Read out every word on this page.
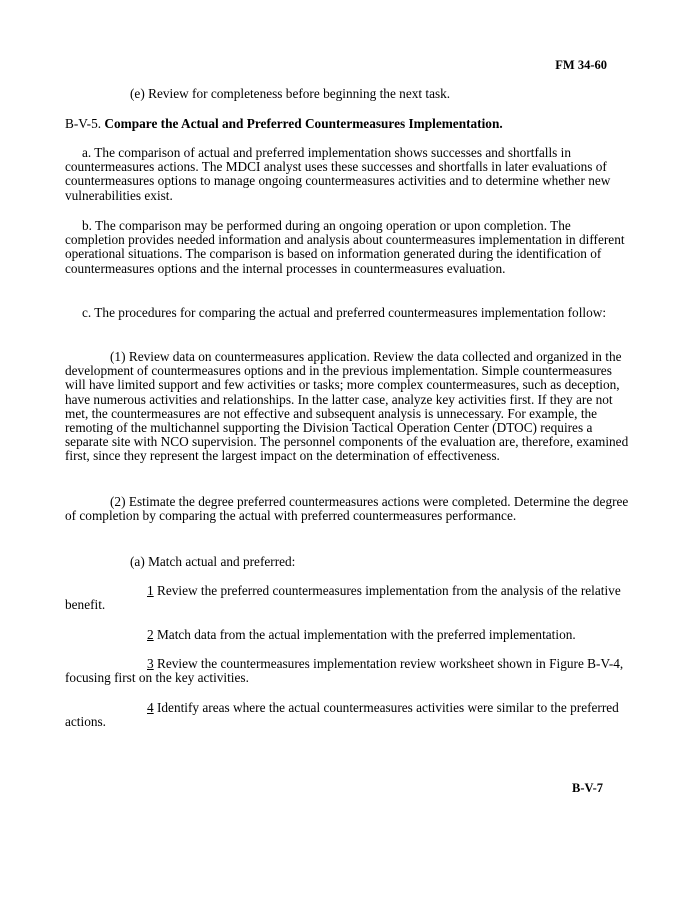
FM 34-60

(e) Review for completeness before beginning the next task.

B-V-5. Compare the Actual and Preferred Countermeasures Implementation.

a. The comparison of actual and preferred implementation shows successes and shortfalls in countermeasures actions. The MDCI analyst uses these successes and shortfalls in later evaluations of countermeasures options to manage ongoing countermeasures activities and to determine whether new vulnerabilities exist.

b. The comparison may be performed during an ongoing operation or upon completion. The completion provides needed information and analysis about countermeasures implementation in different operational situations. The comparison is based on information generated during the identification of countermeasures options and the internal processes in countermeasures evaluation.

c. The procedures for comparing the actual and preferred countermeasures implementation follow:

(1) Review data on countermeasures application. Review the data collected and organized in the development of countermeasures options and in the previous implementation. Simple countermeasures will have limited support and few activities or tasks; more complex countermeasures, such as deception, have numerous activities and relationships. In the latter case, analyze key activities first. If they are not met, the countermeasures are not effective and subsequent analysis is unnecessary. For example, the remoting of the multichannel supporting the Division Tactical Operation Center (DTOC) requires a separate site with NCO supervision. The personnel components of the evaluation are, therefore, examined first, since they represent the largest impact on the determination of effectiveness.

(2) Estimate the degree preferred countermeasures actions were completed. Determine the degree of completion by comparing the actual with preferred countermeasures performance.

(a) Match actual and preferred:

1 Review the preferred countermeasures implementation from the analysis of the relative benefit.

2 Match data from the actual implementation with the preferred implementation.

3 Review the countermeasures implementation review worksheet shown in Figure B-V-4, focusing first on the key activities.

4 Identify areas where the actual countermeasures activities were similar to the preferred actions.

B-V-7
